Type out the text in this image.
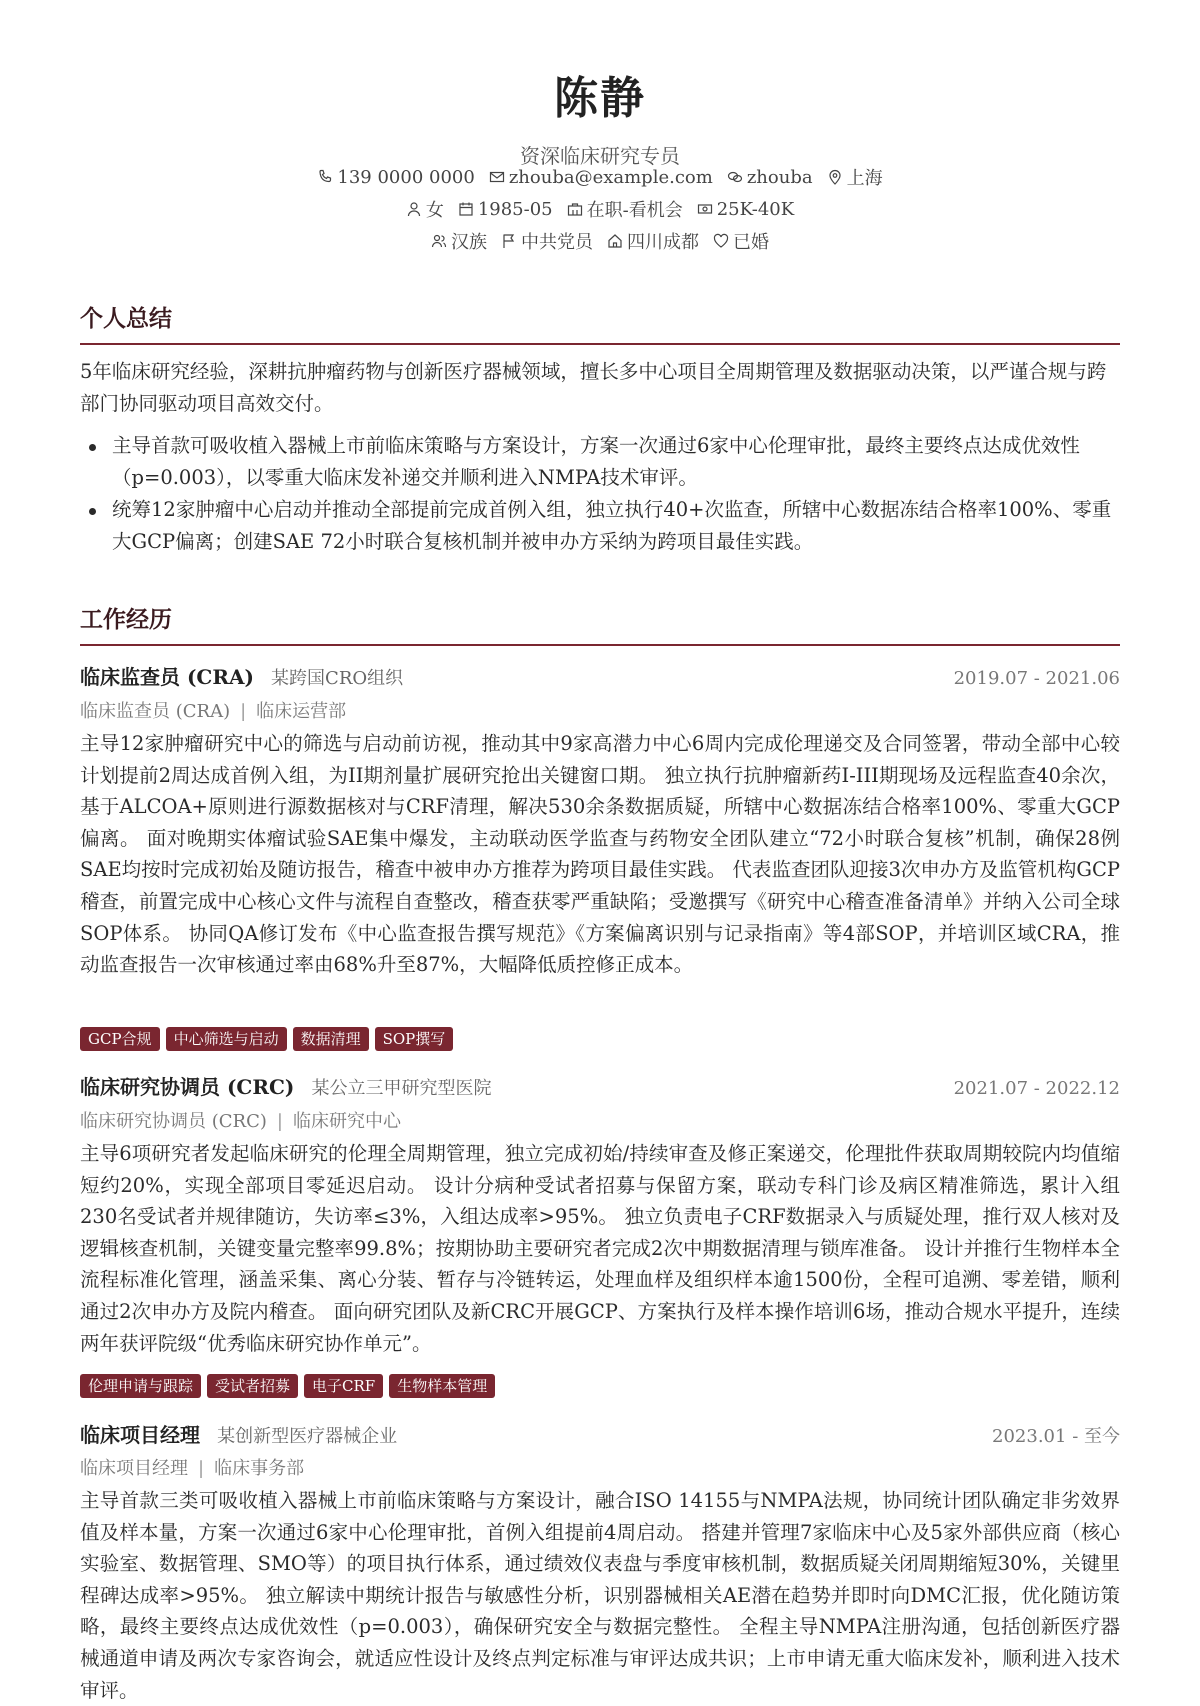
陈静
资深临床研究专员
139 0000 0000 zhouba@example.com zhouba 上海
女 1985-05 在职-看机会 25K-40K
汉族 中共党员 四川成都 已婚
个人总结

5年临床研究经验，深耕抗肿瘤药物与创新医疗器械领域，擅长多中心项目全周期管理及数据驱动决策，以严谨合规与跨部门协同驱动项目高效交付。

主导首款可吸收植入器械上市前临床策略与方案设计，方案一次通过6家中心伦理审批，最终主要终点达成优效性（p=0.003），以零重大临床发补递交并顺利进入NMPA技术审评。
统筹12家肿瘤中心启动并推动全部提前完成首例入组，独立执行40+次监查，所辖中心数据冻结合格率100%、零重大GCP偏离；创建SAE 72小时联合复核机制并被申办方采纳为跨项目最佳实践。
工作经历
临床监查员 (CRA) 某跨国CRO组织	2019.07 - 2021.06
临床监查员 (CRA) | 临床运营部

主导12家肿瘤研究中心的筛选与启动前访视，推动其中9家高潜力中心6周内完成伦理递交及合同签署，带动全部中心较计划提前2周达成首例入组，为II期剂量扩展研究抢出关键窗口期。 独立执行抗肿瘤新药I-III期现场及远程监查40余次，基于ALCOA+原则进行源数据核对与CRF清理，解决530余条数据质疑，所辖中心数据冻结合格率100%、零重大GCP偏离。 面对晚期实体瘤试验SAE集中爆发，主动联动医学监查与药物安全团队建立“72小时联合复核”机制，确保28例SAE均按时完成初始及随访报告，稽查中被申办方推荐为跨项目最佳实践。 代表监查团队迎接3次申办方及监管机构GCP稽查，前置完成中心核心文件与流程自查整改，稽查获零严重缺陷；受邀撰写《研究中心稽查准备清单》并纳入公司全球SOP体系。 协同QA修订发布《中心监查报告撰写规范》《方案偏离识别与记录指南》等4部SOP，并培训区域CRA，推动监查报告一次审核通过率由68%升至87%，大幅降低质控修正成本。

GCP合规	中心筛选与启动	数据清理	SOP撰写
临床研究协调员 (CRC) 某公立三甲研究型医院	2021.07 - 2022.12
临床研究协调员 (CRC) | 临床研究中心

主导6项研究者发起临床研究的伦理全周期管理，独立完成初始/持续审查及修正案递交，伦理批件获取周期较院内均值缩短约20%，实现全部项目零延迟启动。 设计分病种受试者招募与保留方案，联动专科门诊及病区精准筛选，累计入组230名受试者并规律随访，失访率≤3%，入组达成率>95%。 独立负责电子CRF数据录入与质疑处理，推行双人核对及逻辑核查机制，关键变量完整率99.8%；按期协助主要研究者完成2次中期数据清理与锁库准备。 设计并推行生物样本全流程标准化管理，涵盖采集、离心分装、暂存与冷链转运，处理血样及组织样本逾1500份，全程可追溯、零差错，顺利通过2次申办方及院内稽查。 面向研究团队及新CRC开展GCP、方案执行及样本操作培训6场，推动合规水平提升，连续两年获评院级“优秀临床研究协作单元”。

伦理申请与跟踪	受试者招募	电子CRF	生物样本管理
临床项目经理 某创新型医疗器械企业	2023.01 - 至今
临床项目经理 | 临床事务部

主导首款三类可吸收植入器械上市前临床策略与方案设计，融合ISO 14155与NMPA法规，协同统计团队确定非劣效界值及样本量，方案一次通过6家中心伦理审批，首例入组提前4周启动。 搭建并管理7家临床中心及5家外部供应商（核心实验室、数据管理、SMO等）的项目执行体系，通过绩效仪表盘与季度审核机制，数据质疑关闭周期缩短30%，关键里程碑达成率>95%。 独立解读中期统计报告与敏感性分析，识别器械相关AE潜在趋势并即时向DMC汇报，优化随访策略，最终主要终点达成优效性（p=0.003），确保研究安全与数据完整性。 全程主导NMPA注册沟通，包括创新医疗器械通道申请及两次专家咨询会，就适应性设计及终点判定标准与审评达成共识；上市申请无重大临床发补，顺利进入技术审评。
